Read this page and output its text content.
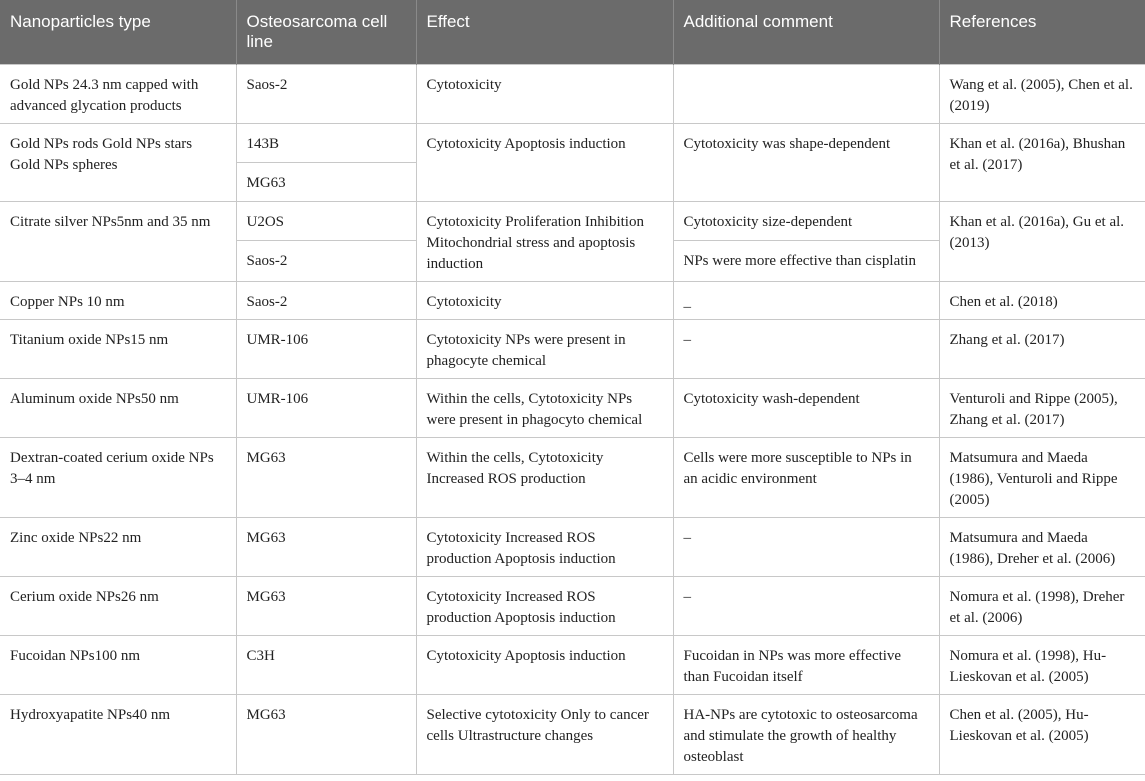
Nanoparticles type	Osteosarcoma cell line	Effect	Additional comment	References
Gold NPs 24.3 nm capped with advanced glycation products	Saos-2	Cytotoxicity		Wang et al. (2005), Chen et al. (2019)
Gold NPs rods Gold NPs stars Gold NPs spheres	143B	Cytotoxicity Apoptosis induction	Cytotoxicity was shape-dependent	Khan et al. (2016a), Bhushan et al. (2017)
	MG63			
Citrate silver NPs5nm and 35 nm	U2OS	Cytotoxicity Proliferation Inhibition Mitochondrial stress and apoptosis induction	Cytotoxicity size-dependent	Khan et al. (2016a), Gu et al. (2013)
	Saos-2		NPs were more effective than cisplatin	
Copper NPs 10 nm	Saos-2	Cytotoxicity	_	Chen et al. (2018)
Titanium oxide NPs15 nm	UMR-106	Cytotoxicity NPs were present in phagocyte chemical	–	Zhang et al. (2017)
Aluminum oxide NPs50 nm	UMR-106	Within the cells, Cytotoxicity NPs were present in phagocyto chemical	Cytotoxicity wash-dependent	Venturoli and Rippe (2005), Zhang et al. (2017)
Dextran-coated cerium oxide NPs 3–4 nm	MG63	Within the cells, Cytotoxicity Increased ROS production	Cells were more susceptible to NPs in an acidic environment	Matsumura and Maeda (1986), Venturoli and Rippe (2005)
Zinc oxide NPs22 nm	MG63	Cytotoxicity Increased ROS production Apoptosis induction	–	Matsumura and Maeda (1986), Dreher et al. (2006)
Cerium oxide NPs26 nm	MG63	Cytotoxicity Increased ROS production Apoptosis induction	–	Nomura et al. (1998), Dreher et al. (2006)
Fucoidan NPs100 nm	C3H	Cytotoxicity Apoptosis induction	Fucoidan in NPs was more effective than Fucoidan itself	Nomura et al. (1998), Hu-Lieskovan et al. (2005)
Hydroxyapatite NPs40 nm	MG63	Selective cytotoxicity Only to cancer cells Ultrastructure changes	HA-NPs are cytotoxic to osteosarcoma and stimulate the growth of healthy osteoblast	Chen et al. (2005), Hu-Lieskovan et al. (2005)
